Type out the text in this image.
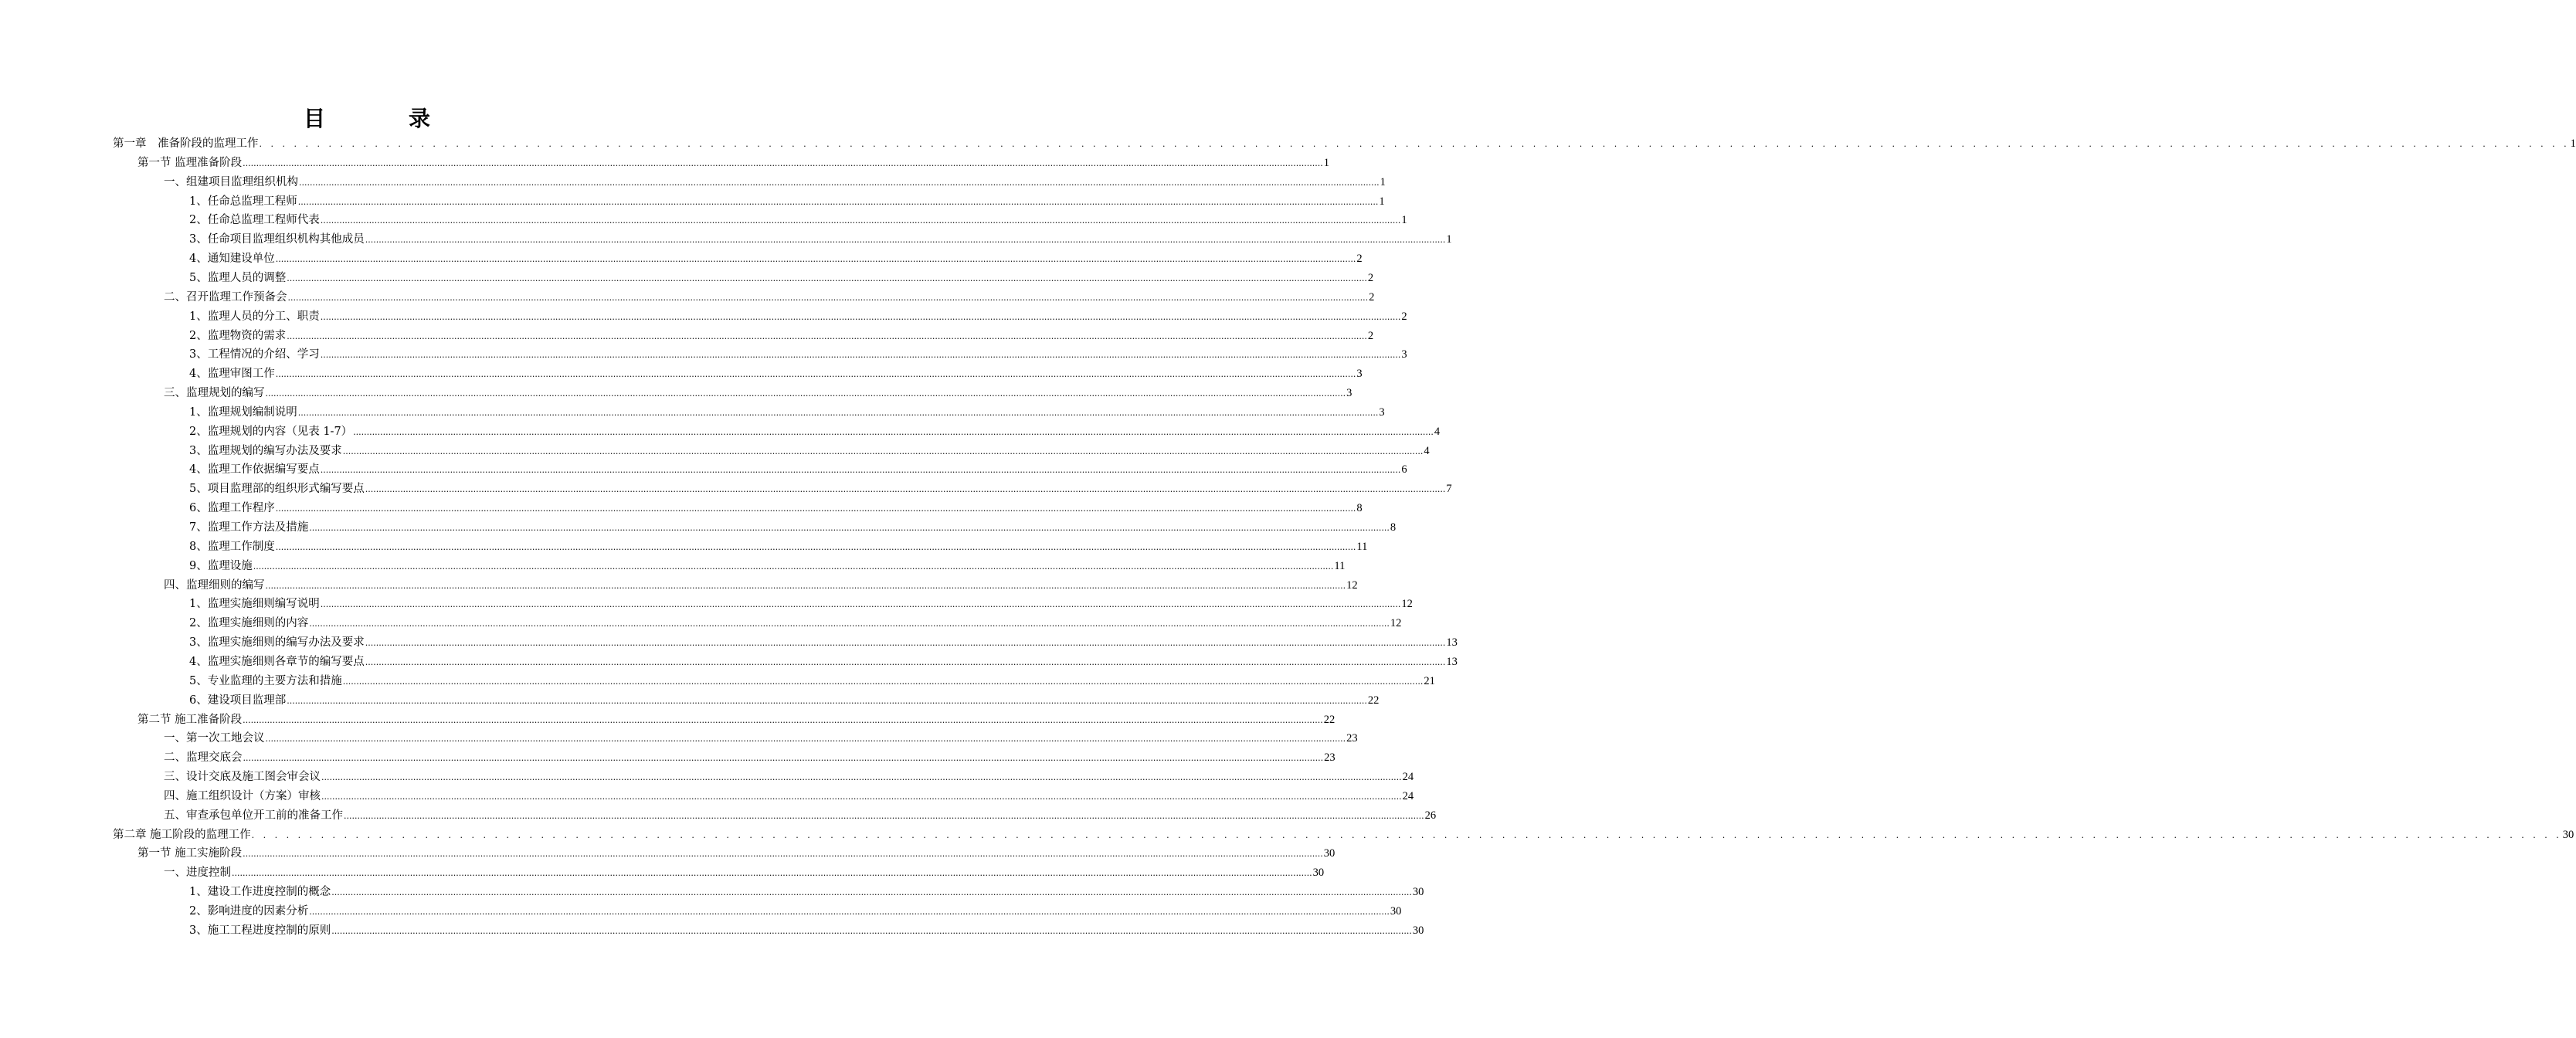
目　录
第一章　准备阶段的监理工作 . . . . . . . . . . . . . . . . . . . . . . . . . . . . . . . . . . . . . . . . . . . . . . . . . . . . . . . . . . . . . . . . . . . . . . . . . . . . . . . . . . . . . . . . . . . . . . . . . . . . . . . . . . . . . . . . . . . . . . . . . . . . . . . . . . . . . . . . . . . . . . . . . . . . . . . . . . . . . . . . . . . . . . . . . . . . . . . . . . . . . . . . . . . . . . . . . . . . . . . . 1
第一节 监理准备阶段 ................................................................................................................................................................................................................................................................................................................................................................................................................ 1
一、组建项目监理组织机构 ................................................................................................................................................................................................................................................................................................................................................................................................................ 1
1、任命总监理工程师 ................................................................................................................................................................................................................................................................................................................................................................................................................ 1
2、任命总监理工程师代表 ................................................................................................................................................................................................................................................................................................................................................................................................................ 1
3、任命项目监理组织机构其他成员 ................................................................................................................................................................................................................................................................................................................................................................................................................ 1
4、通知建设单位 ................................................................................................................................................................................................................................................................................................................................................................................................................ 2
5、监理人员的调整 ................................................................................................................................................................................................................................................................................................................................................................................................................ 2
二、召开监理工作预备会 ................................................................................................................................................................................................................................................................................................................................................................................................................ 2
1、监理人员的分工、职责 ................................................................................................................................................................................................................................................................................................................................................................................................................ 2
2、监理物资的需求 ................................................................................................................................................................................................................................................................................................................................................................................................................ 2
3、工程情况的介绍、学习 ................................................................................................................................................................................................................................................................................................................................................................................................................ 3
4、监理审图工作 ................................................................................................................................................................................................................................................................................................................................................................................................................ 3
三、监理规划的编写 ................................................................................................................................................................................................................................................................................................................................................................................................................ 3
1、监理规划编制说明 ................................................................................................................................................................................................................................................................................................................................................................................................................ 3
2、监理规划的内容（见表 1-7） ................................................................................................................................................................................................................................................................................................................................................................................................................ 4
3、监理规划的编写办法及要求 ................................................................................................................................................................................................................................................................................................................................................................................................................ 4
4、监理工作依据编写要点 ................................................................................................................................................................................................................................................................................................................................................................................................................ 6
5、项目监理部的组织形式编写要点 ................................................................................................................................................................................................................................................................................................................................................................................................................ 7
6、监理工作程序 ................................................................................................................................................................................................................................................................................................................................................................................................................ 8
7、监理工作方法及措施 ................................................................................................................................................................................................................................................................................................................................................................................................................ 8
8、监理工作制度 ................................................................................................................................................................................................................................................................................................................................................................................................................ 11
9、监理设施 ................................................................................................................................................................................................................................................................................................................................................................................................................ 11
四、监理细则的编写 ................................................................................................................................................................................................................................................................................................................................................................................................................ 12
1、监理实施细则编写说明 ................................................................................................................................................................................................................................................................................................................................................................................................................ 12
2、监理实施细则的内容 ................................................................................................................................................................................................................................................................................................................................................................................................................ 12
3、监理实施细则的编写办法及要求 ................................................................................................................................................................................................................................................................................................................................................................................................................ 13
4、监理实施细则各章节的编写要点 ................................................................................................................................................................................................................................................................................................................................................................................................................ 13
5、专业监理的主要方法和措施 ................................................................................................................................................................................................................................................................................................................................................................................................................ 21
6、建设项目监理部 ................................................................................................................................................................................................................................................................................................................................................................................................................ 22
第二节 施工准备阶段 ................................................................................................................................................................................................................................................................................................................................................................................................................ 22
一、第一次工地会议 ................................................................................................................................................................................................................................................................................................................................................................................................................ 23
二、监理交底会 ................................................................................................................................................................................................................................................................................................................................................................................................................ 23
三、设计交底及施工图会审会议 ................................................................................................................................................................................................................................................................................................................................................................................................................ 24
四、施工组织设计（方案）审核 ................................................................................................................................................................................................................................................................................................................................................................................................................ 24
五、审查承包单位开工前的准备工作 ................................................................................................................................................................................................................................................................................................................................................................................................................ 26
第二章 施工阶段的监理工作 . . . . . . . . . . . . . . . . . . . . . . . . . . . . . . . . . . . . . . . . . . . . . . . . . . . . . . . . . . . . . . . . . . . . . . . . . . . . . . . . . . . . . . . . . . . . . . . . . . . . . . . . . . . . . . . . . . . . . . . . . . . . . . . . . . . . . . . . . . . . . . . . . . . . . . . . . . . . . . . . . . . . . . . . . . . . . . . . . . . . . . . . . . . . . . . . . . . . . . . . 30
第一节 施工实施阶段 ................................................................................................................................................................................................................................................................................................................................................................................................................ 30
一、进度控制 ................................................................................................................................................................................................................................................................................................................................................................................................................ 30
1、建设工作进度控制的概念 ................................................................................................................................................................................................................................................................................................................................................................................................................ 30
2、影响进度的因素分析 ................................................................................................................................................................................................................................................................................................................................................................................................................ 30
3、施工工程进度控制的原则 ................................................................................................................................................................................................................................................................................................................................................................................................................ 30
